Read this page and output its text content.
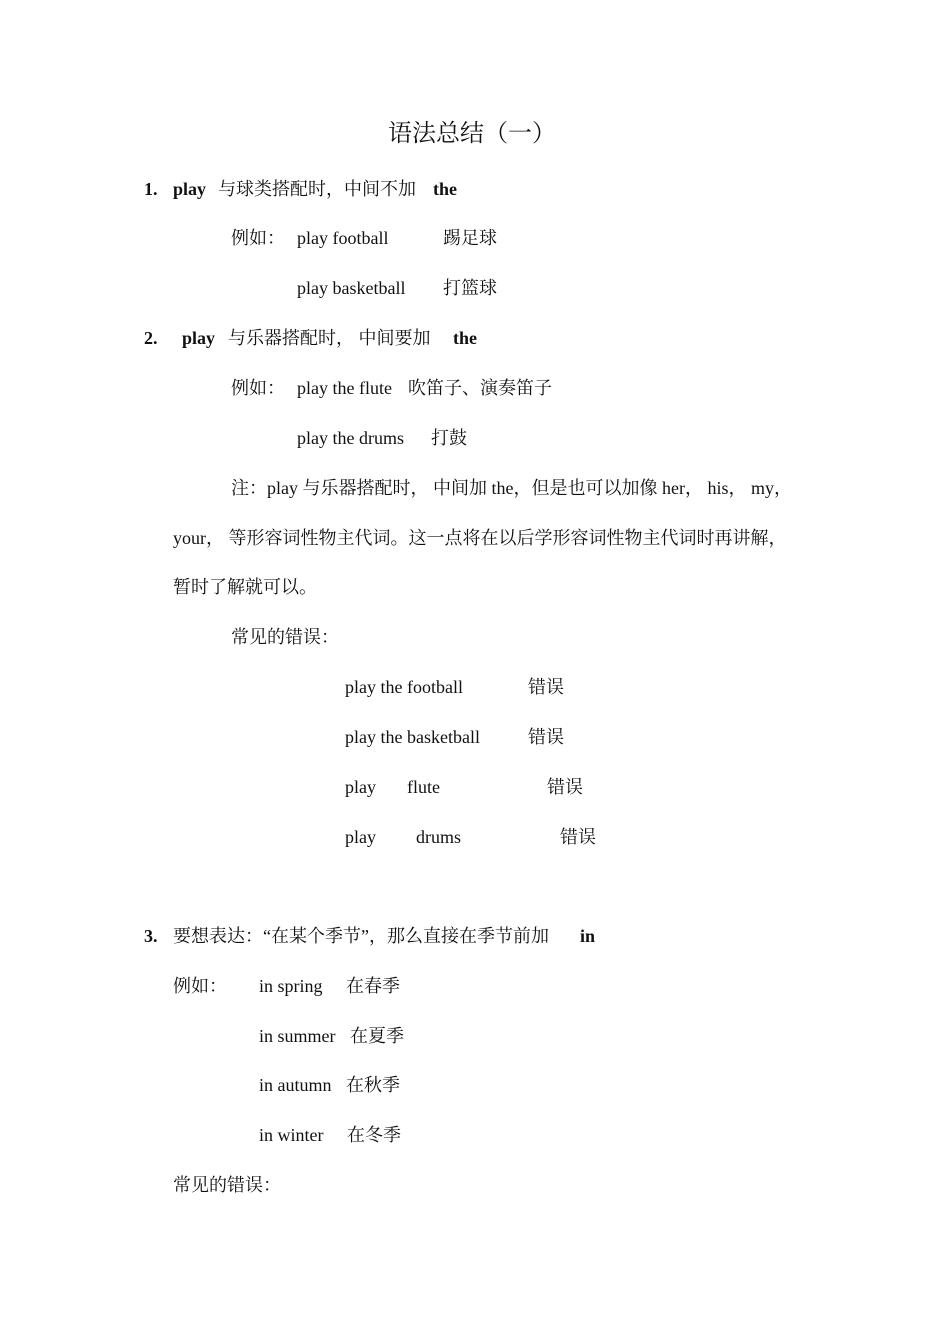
语法总结（一）
1. play 与球类搭配时，中间不加 the
例如： play football	踢足球
play basketball 打篮球
2. play 与乐器搭配时， 中间要加 the
例如： play the flute 吹笛子、演奏笛子
play the drums 打鼓
注：play 与乐器搭配时， 中间加 the，但是也可以加像 her， his， my，
your， 等形容词性物主代词。这一点将在以后学形容词性物主代词时再讲解，
暂时了解就可以。
常见的错误：
play the football	错误
play the basketball	错误
play flute	错误
play drums	错误
3. 要想表达：“在某个季节”，那么直接在季节前加 in
例如： in spring 在春季
in summer 在夏季
in autumn 在秋季
in winter 在冬季
常见的错误：
